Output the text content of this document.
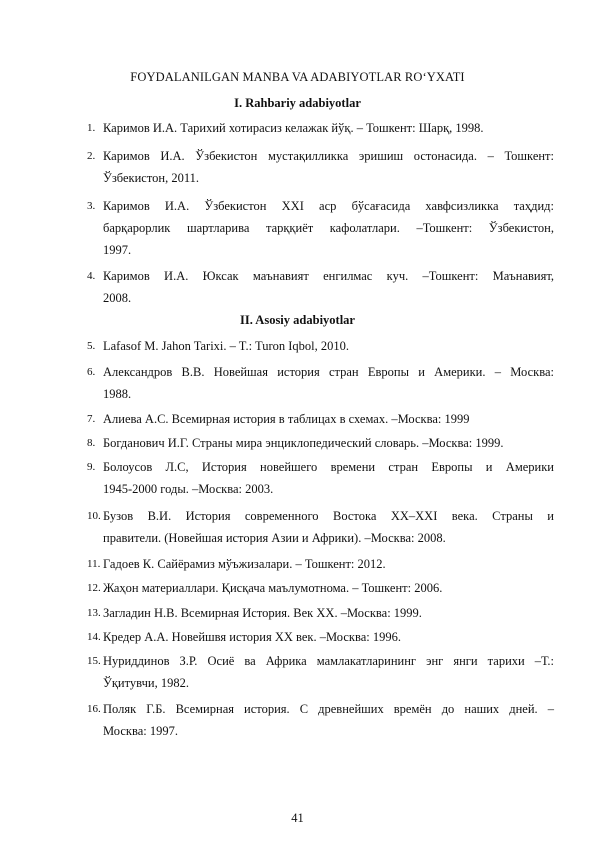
FOYDALANILGAN MANBA VA ADABIYOTLAR RO‘YXATI
I. Rahbariy adabiyotlar
1. Каримов И.А. Тарихий хотирасиз келажак йўқ. – Тошкент: Шарқ, 1998.
2. Каримов И.А. Ўзбекистон мустақилликка эришиш остонасида. – Тошкент:
Ўзбекистон, 2011.
3. Каримов И.А. Ўзбекистон XXI аср бўсағасида хавфсизликка таҳдид:
барқарорлик шартларива тарққиёт кафолатлари. –Тошкент: Ўзбекистон,
1997.
4. Каримов И.А. Юксак маънавият енгилмас куч. –Тошкент: Маънавият,
2008.
II. Asosiy adabiyotlar
5. Lafasof M. Jahon Tarixi. – T.: Turon Iqbol, 2010.
6. Александров В.В. Новейшая история стран Европы и Америки. – Москва:
1988.
7. Алиева А.С. Всемирная история в таблицах в схемах. –Москва: 1999
8. Богданович И.Г. Страны мира энциклопедический словарь. –Москва: 1999.
9. Болоусов Л.С, История новейшего времени стран Европы и Америки
1945-2000 годы. –Москва: 2003.
10. Бузов В.И. История современного Востока XX–XXI века. Страны и
правители. (Новейшая история Азии и Африки). –Москва: 2008.
11. Гадоев К. Сайёрамиз мўъжизалари. – Тошкент: 2012.
12. Жаҳон материаллари. Қисқача маълумотнома. – Тошкент: 2006.
13. Загладин Н.В. Всемирная История. Век XX. –Москва: 1999.
14. Кредер А.А. Новейшвя история XX век. –Москва: 1996.
15. Нуриддинов З.Р. Осиё ва Африка мамлакатларининг энг янги тарихи –Т.:
Ўқитувчи, 1982.
16. Поляк Г.Б. Всемирная история. С древнейших времён до наших дней. –
Москва: 1997.
41
